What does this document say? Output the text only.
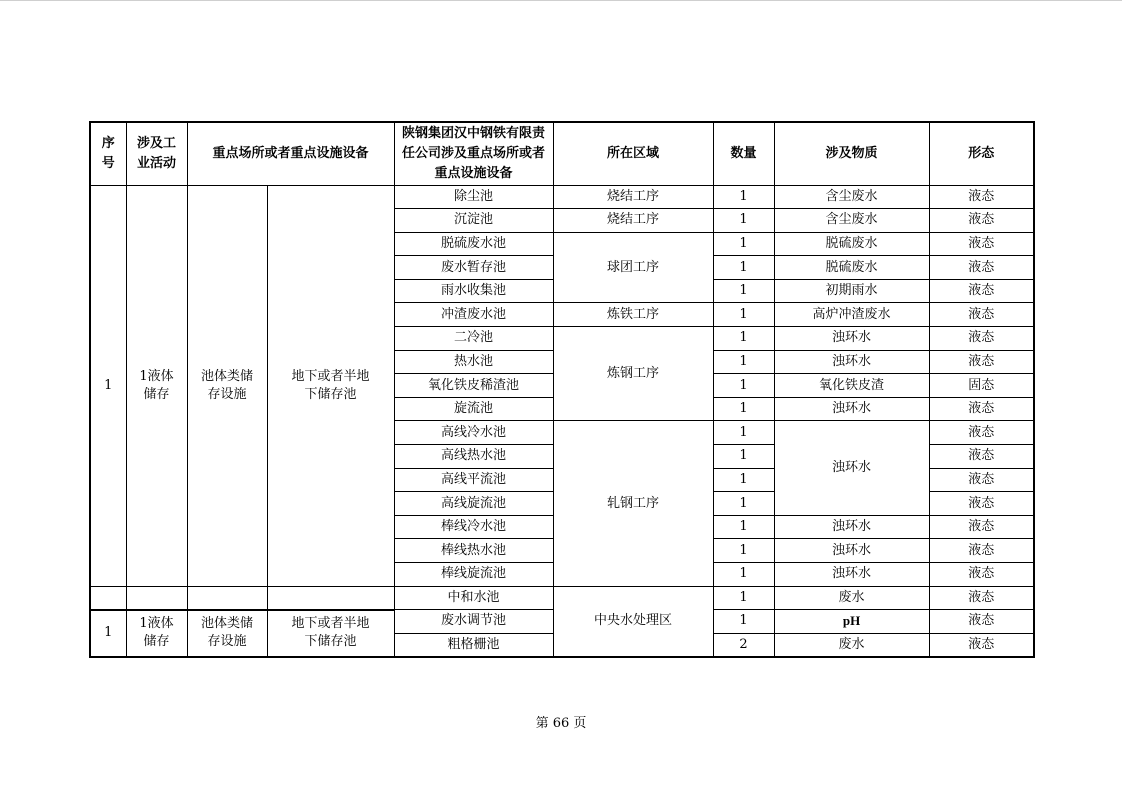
序号	涉及工业活动	重点场所或者重点设施设备		陕钢集团汉中钢铁有限责任公司涉及重点场所或者重点设施设备	所在区域	数量	涉及物质	形态
1	1液体储存	池体类储存设施	地下或者半地下储存池	除尘池	烧结工序	1	含尘废水	液态
				沉淀池	烧结工序	1	含尘废水	液态
				脱硫废水池	球团工序	1	脱硫废水	液态
				废水暂存池		1	脱硫废水	液态
				雨水收集池		1	初期雨水	液态
				冲渣废水池	炼铁工序	1	高炉冲渣废水	液态
				二冷池	炼钢工序	1	浊环水	液态
				热水池		1	浊环水	液态
				氧化铁皮稀渣池		1	氧化铁皮渣	固态
				旋流池		1	浊环水	液态
				高线冷水池	轧钢工序	1	浊环水	液态
				高线热水池		1		液态
				高线平流池		1		液态
				高线旋流池		1		液态
				棒线冷水池		1	浊环水	液态
				棒线热水池		1	浊环水	液态
				棒线旋流池		1	浊环水	液态
				中和水池	中央水处理区	1	废水	液态
1	1液体储存	池体类储存设施	地下或者半地下储存池	废水调节池		1	pH	液态
				粗格栅池		2	废水	液态
第 66 页
